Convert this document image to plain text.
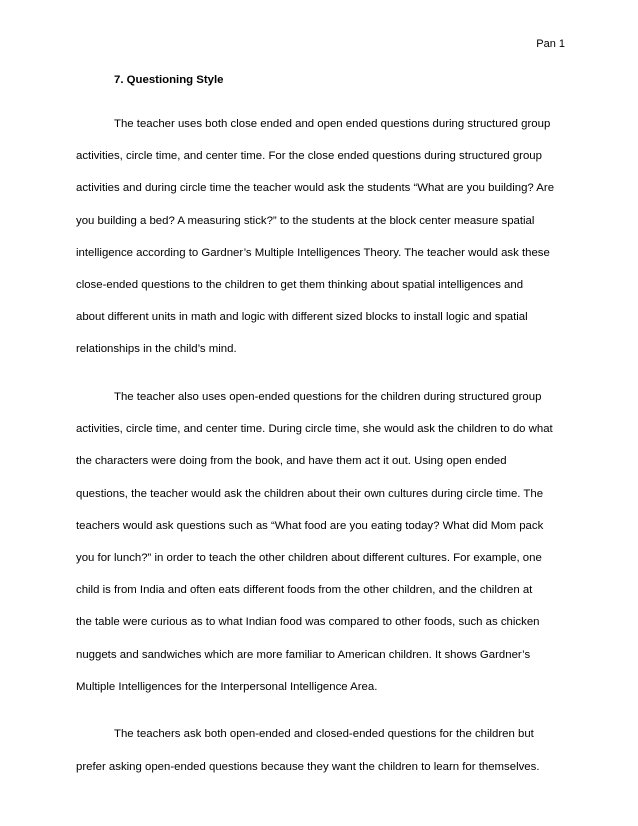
Pan 1
7. Questioning Style
The teacher uses both close ended and open ended questions during structured group
activities, circle time, and center time. For the close ended questions during structured group
activities and during circle time the teacher would ask the students “What are you building? Are
you building a bed? A measuring stick?” to the students at the block center measure spatial
intelligence according to Gardner’s Multiple Intelligences Theory. The teacher would ask these
close-ended questions to the children to get them thinking about spatial intelligences and
about different units in math and logic with different sized blocks to install logic and spatial
relationships in the child’s mind.
The teacher also uses open-ended questions for the children during structured group
activities, circle time, and center time. During circle time, she would ask the children to do what
the characters were doing from the book, and have them act it out. Using open ended
questions, the teacher would ask the children about their own cultures during circle time. The
teachers would ask questions such as “What food are you eating today? What did Mom pack
you for lunch?” in order to teach the other children about different cultures. For example, one
child is from India and often eats different foods from the other children, and the children at
the table were curious as to what Indian food was compared to other foods, such as chicken
nuggets and sandwiches which are more familiar to American children. It shows Gardner’s
Multiple Intelligences for the Interpersonal Intelligence Area.
The teachers ask both open-ended and closed-ended questions for the children but
prefer asking open-ended questions because they want the children to learn for themselves.
